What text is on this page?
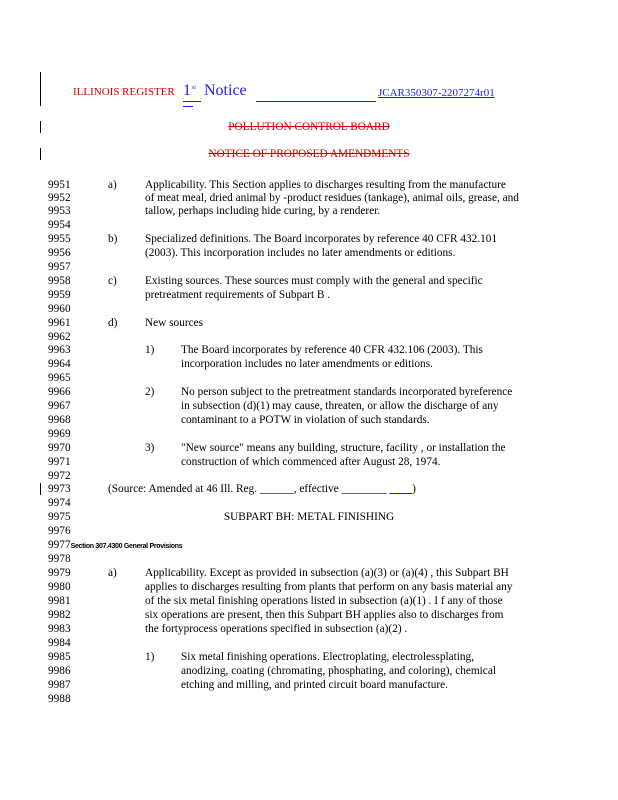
ILLINOIS REGISTER 1 st Notice	JCAR350307-2207274r01
POLLUTION CONTROL BOARD
NOTICE OF PROPOSED AMENDMENTS
9951	a) Applicability. This Section applies to discharges resulting from the manufacture
9952	of meat meal, dried animal by -product residues (tankage), animal oils, grease, and
9953	tallow, perhaps including hide curing, by a renderer.
9954
9955	b) Specialized definitions. The Board incorporates by reference 40 CFR 432.101
9956	(2003). This incorporation includes no later amendments or editions.
9957
9958	c) Existing sources. These sources must comply with the general and specific
9959	pretreatment requirements of Subpart B .
9960
9961	d) New sources
9962
9963	1) The Board incorporates by reference 40 CFR 432.106 (2003). This
9964	incorporation includes no later amendments or editions.
9965
9966	2) No person subject to the pretreatment standards incorporated byreference
9967	in subsection (d)(1) may cause, threaten, or allow the discharge of any
9968	contaminant to a POTW in violation of such standards.
9969
9970	3) "New source" means any building, structure, facility , or installation the
9971	construction of which commenced after August 28, 1974.
9972
9973	(Source: Amended at 46 Ill. Reg. ______, effective ________ ____)
9974
9975	SUBPART BH: METAL FINISHING
9976
9977Section 307.4300 General Provisions
9978
9979	a) Applicability. Except as provided in subsection (a)(3) or (a)(4) , this Subpart BH
9980	applies to discharges resulting from plants that perform on any basis material any
9981	of the six metal finishing operations listed in subsection (a)(1) . I f any of those
9982	six operations are present, then this Subpart BH applies also to discharges from
9983	the fortyprocess operations specified in subsection (a)(2) .
9984
9985	1) Six metal finishing operations. Electroplating, electrolessplating,
9986	anodizing, coating (chromating, phosphating, and coloring), chemical
9987	etching and milling, and printed circuit board manufacture.
9988
